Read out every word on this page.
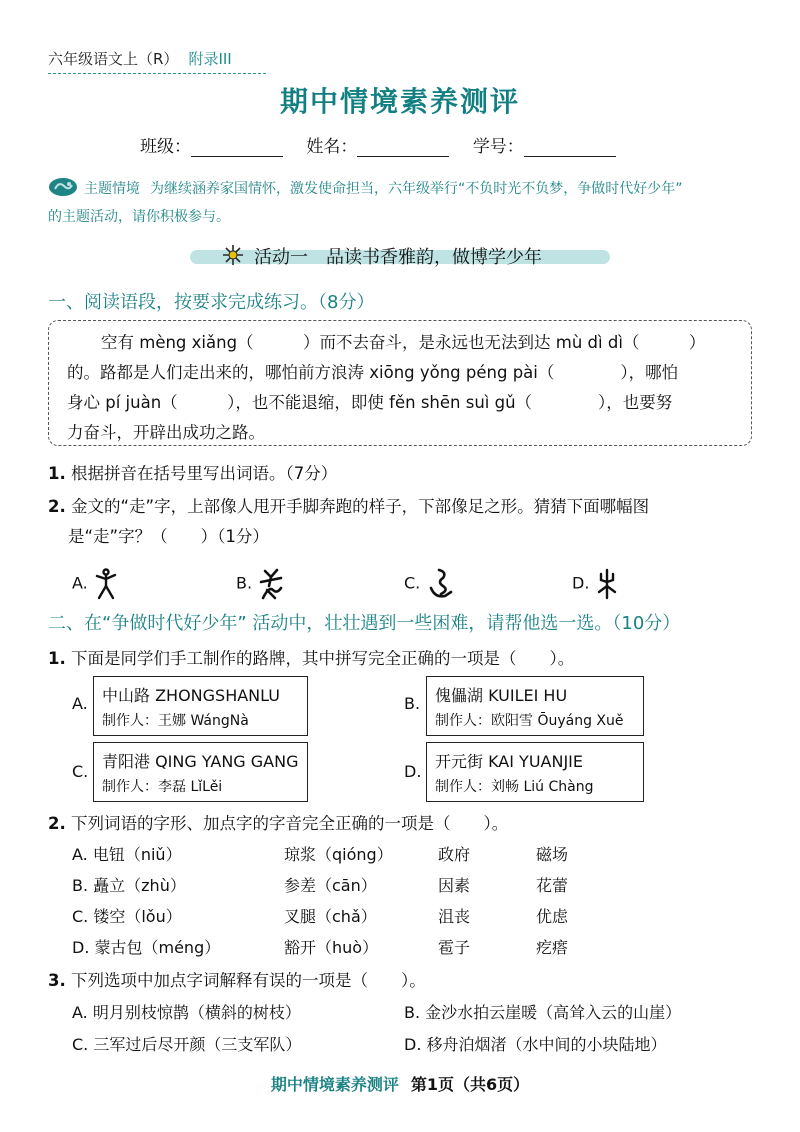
六年级语文上（R） 附录III
期中情境素养测评
班级：	姓名：	学号：
主题情境 为继续涵养家国情怀，激发使命担当，六年级举行“不负时光不负梦，争做时代好少年”
的主题活动，请你积极参与。
活动一　品读书香雅韵，做博学少年
一、阅读语段，按要求完成练习。（8分）
空有 mèng xiǎng（　　　）而不去奋斗，是永远也无法到达 mù dì dì（　　　）
的。路都是人们走出来的，哪怕前方浪涛 xiōng yǒng péng pài（　　　　），哪怕
身心 pí juàn（　　　），也不能退缩，即使 fěn shēn suì gǔ（　　　　），也要努
力奋斗，开辟出成功之路。
1. 根据拼音在括号里写出词语。（7分）
2. 金文的“走”字，上部像人甩开手脚奔跑的样子，下部像足之形。猜猜下面哪幅图
是“走”字？（　　）（1分）
A.	B.	C.	D.
二、在“争做时代好少年” 活动中，壮壮遇到一些困难，请帮他选一选。（10分）
1. 下面是同学们手工制作的路牌，其中拼写完全正确的一项是（　　）。
A. 中山路 ZHONGSHANLU
制作人：王娜 WángNà
B. 傀儡湖 KUILEI HU
制作人：欧阳雪 Ōuyáng Xuě
C.
青阳港 QING YANG GANG
制作人：李磊 LǐLěi
D.
开元街 KAI YUANJIE
制作人：刘畅 Liú Chàng
2. 下列词语的字形、加点字的字音完全正确的一项是（　　）。
A. 电钮（niǔ）	琼浆（qióng）	政府	磁场
B. 矗立（zhù）	参差（cān）	因素	花蕾
C. 镂空（lǒu）	叉腿（chǎ）	沮丧	优虑
D. 蒙古包（méng）	豁开（huò）	雹子	疙瘩
3. 下列选项中加点字词解释有误的一项是（　　）。
A. 明月别枝惊鹊（横斜的树枝）	B. 金沙水拍云崖暖（高耸入云的山崖）
C. 三军过后尽开颜（三支军队）	D. 移舟泊烟渚（水中间的小块陆地）
期中情境素养测评 第1页（共6页）
